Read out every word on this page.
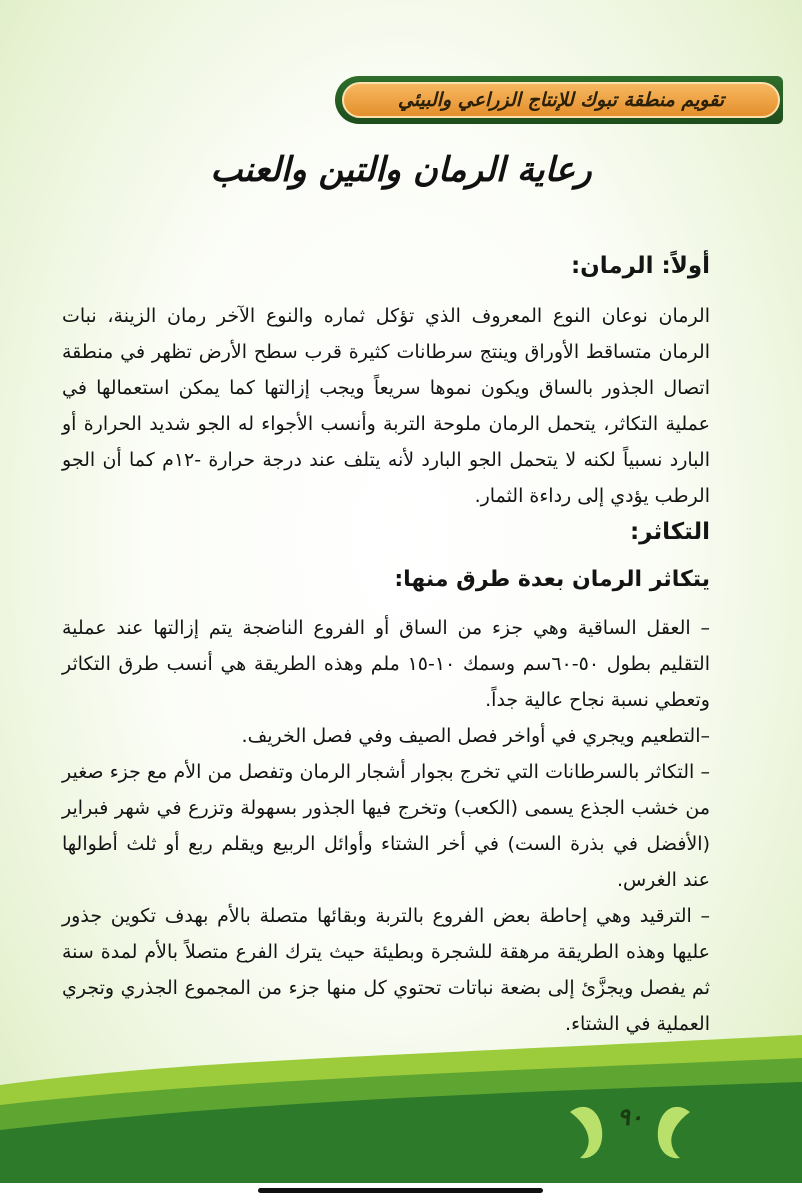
تقويم منطقة تبوك للإنتاج الزراعي والبيئي
رعاية الرمان والتين والعنب

أولاً: الرمان:

الرمان نوعان النوع المعروف الذي تؤكل ثماره والنوع الآخر رمان الزينة، نبات الرمان متساقط الأوراق وينتج سرطانات كثيرة قرب سطح الأرض تظهر في منطقة اتصال الجذور بالساق ويكون نموها سريعاً ويجب إزالتها كما يمكن استعمالها في عملية التكاثر، يتحمل الرمان ملوحة التربة وأنسب الأجواء له الجو شديد الحرارة أو البارد نسبياً لكنه لا يتحمل الجو البارد لأنه يتلف عند درجة حرارة -١٢م كما أن الجو الرطب يؤدي إلى رداءة الثمار.

التكاثر:

يتكاثر الرمان بعدة طرق منها:

– العقل الساقية وهي جزء من الساق أو الفروع الناضجة يتم إزالتها عند عملية التقليم بطول ٥٠-٦٠سم وسمك ١٠-١٥ ملم وهذه الطريقة هي أنسب طرق التكاثر وتعطي نسبة نجاح عالية جداً.

–التطعيم ويجري في أواخر فصل الصيف وفي فصل الخريف.

– التكاثر بالسرطانات التي تخرج بجوار أشجار الرمان وتفصل من الأم مع جزء صغير من خشب الجذع يسمى (الكعب) وتخرج فيها الجذور بسهولة وتزرع في شهر فبراير (الأفضل في بذرة الست) في أخر الشتاء وأوائل الربيع ويقلم ربع أو ثلث أطوالها عند الغرس.

– الترقيد وهي إحاطة بعض الفروع بالتربة وبقائها متصلة بالأم بهدف تكوين جذور عليها وهذه الطريقة مرهقة للشجرة وبطيئة حيث يترك الفرع متصلاً بالأم لمدة سنة ثم يفصل ويجزَّئ إلى بضعة نباتات تحتوي كل منها جزء من المجموع الجذري وتجري العملية في الشتاء.

٩٠
